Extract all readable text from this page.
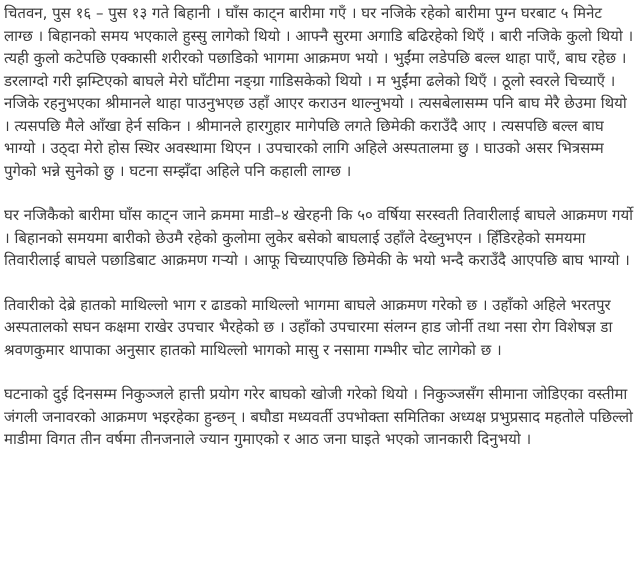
चितवन, पुस १६ – पुस १३ गते बिहानी । घाँस काट्न बारीमा गएँ । घर नजिके रहेको बारीमा पुग्न घरबाट ५ मिनेट लाग्छ । बिहानको समय भएकाले हुस्सु लागेको थियो । आफ्नै सुरमा अगाडि बढिरहेको थिएँ । बारी नजिके कुलो थियो । त्यही कुलो कटेपछि एक्कासी शरीरको पछाडिको भागमा आक्रमण भयो । भुईंमा लडेपछि बल्ल थाहा पाएँ, बाघ रहेछ । डरलाग्दो गरी झम्टिएको बाघले मेरो घाँटीमा नङ्ग्रा गाडिसकेको थियो । म भुईंमा ढलेको थिएँ । ठूलो स्वरले चिच्याएँ । नजिके रहनुभएका श्रीमानले थाहा पाउनुभएछ उहाँ आएर कराउन थाल्नुभयो । त्यसबेलासम्म पनि बाघ मेरै छेउमा थियो । त्यसपछि मैले आँखा हेर्न सकिन । श्रीमानले हारगुहार मागेपछि लगते छिमेकी कराउँदै आए । त्यसपछि बल्ल बाघ भाग्यो । उठ्दा मेरो होस स्थिर अवस्थामा थिएन । उपचारको लागि अहिले अस्पतालमा छु । घाउको असर भित्रसम्म पुगेको भन्ने सुनेको छु । घटना सम्झँदा अहिले पनि कहाली लाग्छ ।

घर नजिकैको बारीमा घाँस काट्न जाने क्रममा माडी–४ खेरहनी कि ५० वर्षिया सरस्वती तिवारीलाई बाघले आक्रमण गर्यो । बिहानको समयमा बारीको छेउमै रहेको कुलोमा लुकेर बसेको बाघलाई उहाँले देख्नुभएन । हिँडिरहेको समयमा तिवारीलाई बाघले पछाडिबाट आक्रमण गऱ्यो । आफू चिच्याएपछि छिमेकी के भयो भन्दै कराउँदै आएपछि बाघ भाग्यो ।

तिवारीको देब्रे हातको माथिल्लो भाग र ढाडको माथिल्लो भागमा बाघले आक्रमण गरेको छ । उहाँको अहिले भरतपुर अस्पतालको सघन कक्षमा राखेर उपचार भैरहेको छ । उहाँको उपचारमा संलग्न हाड जोर्नी तथा नसा रोग विशेषज्ञ डा श्रवणकुमार थापाका अनुसार हातको माथिल्लो भागको मासु र नसामा गम्भीर चोट लागेको छ ।

घटनाको दुई दिनसम्म निकुञ्जले हात्ती प्रयोग गरेर बाघको खोजी गरेको थियो । निकुञ्जसँग सीमाना जोडिएका वस्तीमा जंगली जनावरको आक्रमण भइरहेका हुन्छन् । बघौडा मध्यवर्ती उपभोक्ता समितिका अध्यक्ष प्रभुप्रसाद महतोले पछिल्लो माडीमा विगत तीन वर्षमा तीनजनाले ज्यान गुमाएको र आठ जना घाइते भएको जानकारी दिनुभयो ।
